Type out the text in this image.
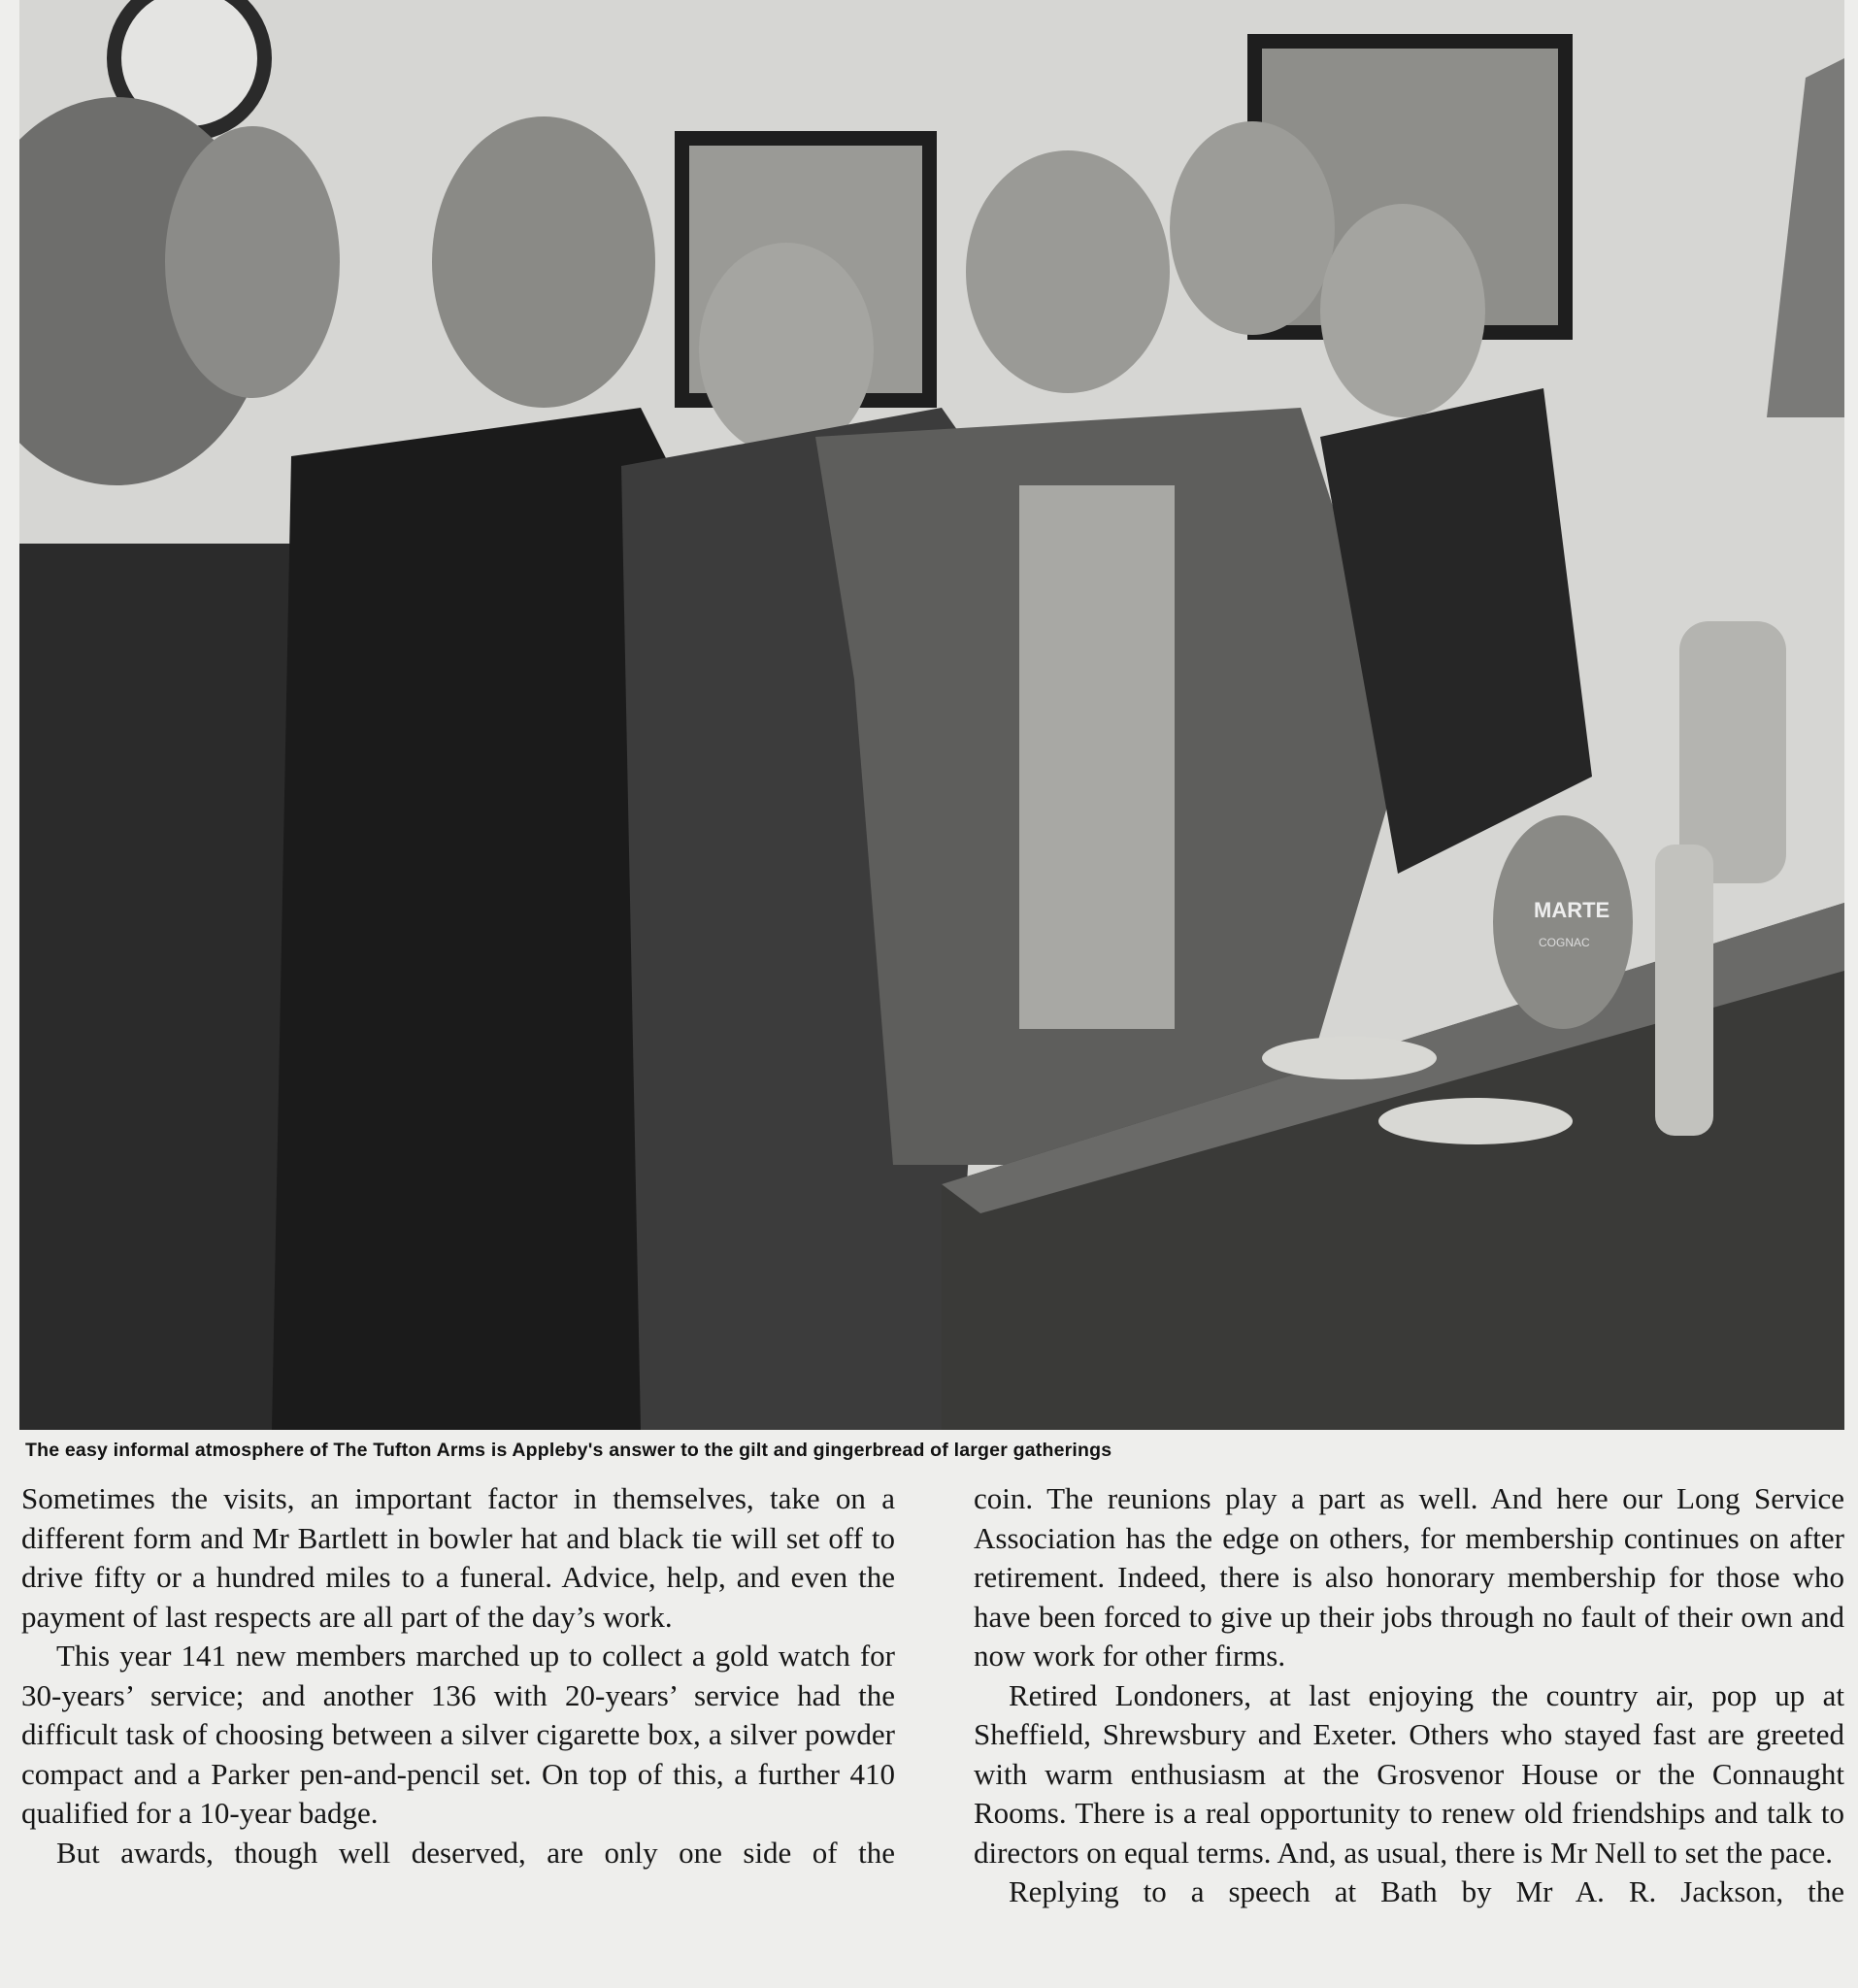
MARTE
COGNAC
The easy informal atmosphere of The Tufton Arms is Appleby's answer to the gilt and gingerbread of larger gatherings

Sometimes the visits, an important factor in themselves, take on a different form and Mr Bartlett in bowler hat and black tie will set off to drive fifty or a hundred miles to a funeral. Advice, help, and even the payment of last respects are all part of the day’s work.

This year 141 new members marched up to collect a gold watch for 30-years’ service; and another 136 with 20-years’ service had the difficult task of choosing between a silver cigarette box, a silver powder compact and a Parker pen-and-pencil set. On top of this, a further 410 qualified for a 10-year badge.

But awards, though well deserved, are only one side of the

coin. The reunions play a part as well. And here our Long Service Association has the edge on others, for membership continues on after retirement. Indeed, there is also honorary membership for those who have been forced to give up their jobs through no fault of their own and now work for other firms.

Retired Londoners, at last enjoying the country air, pop up at Sheffield, Shrewsbury and Exeter. Others who stayed fast are greeted with warm enthusiasm at the Grosvenor House or the Connaught Rooms. There is a real opportunity to renew old friendships and talk to directors on equal terms. And, as usual, there is Mr Nell to set the pace.

Replying to a speech at Bath by Mr A. R. Jackson, the
